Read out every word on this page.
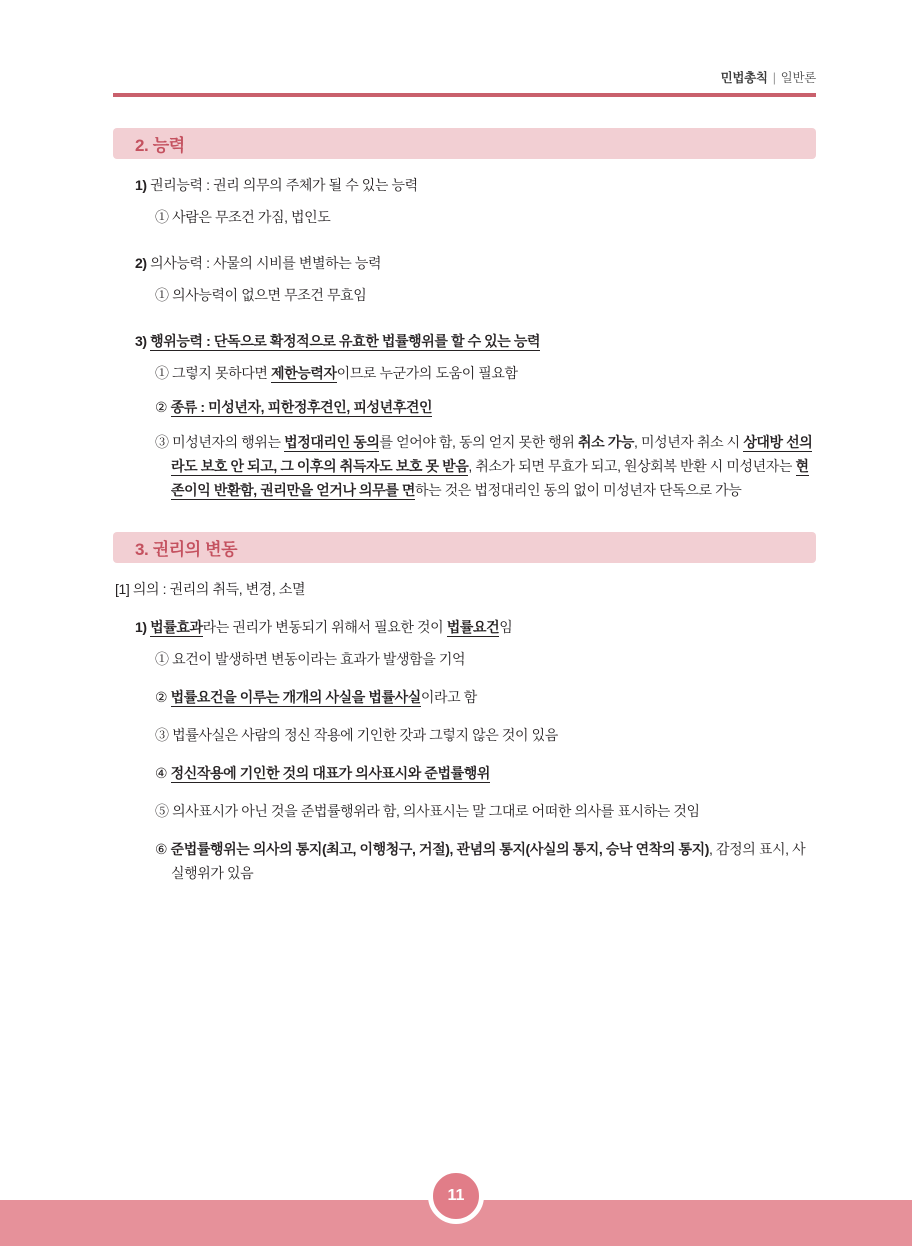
민법총칙 | 일반론
2. 능력
1) 권리능력 : 권리 의무의 주체가 될 수 있는 능력
① 사람은 무조건 가짐, 법인도
2) 의사능력 : 사물의 시비를 변별하는 능력
① 의사능력이 없으면 무조건 무효임
3) 행위능력 : 단독으로 확정적으로 유효한 법률행위를 할 수 있는 능력
① 그렇지 못하다면 제한능력자이므로 누군가의 도움이 필요함
② 종류 : 미성년자, 피한정후견인, 피성년후견인
③ 미성년자의 행위는 법정대리인 동의를 얻어야 함, 동의 얻지 못한 행위 취소 가능, 미성년자 취소 시 상대방 선의라도 보호 안 되고, 그 이후의 취득자도 보호 못 받음, 취소가 되면 무효가 되고, 원상회복 반환 시 미성년자는 현존이익 반환함, 권리만을 얻거나 의무를 면하는 것은 법정대리인 동의 없이 미성년자 단독으로 가능
3. 권리의 변동
[1] 의의 : 권리의 취득, 변경, 소멸
1) 법률효과라는 권리가 변동되기 위해서 필요한 것이 법률요건임
① 요건이 발생하면 변동이라는 효과가 발생함을 기억
② 법률요건을 이루는 개개의 사실을 법률사실이라고 함
③ 법률사실은 사람의 정신 작용에 기인한 갓과 그렇지 않은 것이 있음
④ 정신작용에 기인한 것의 대표가 의사표시와 준법률행위
⑤ 의사표시가 아닌 것을 준법률행위라 함, 의사표시는 말 그대로 어떠한 의사를 표시하는 것임
⑥ 준법률행위는 의사의 통지(최고, 이행청구, 거절), 관념의 통지(사실의 통지, 승낙 연착의 통지), 감정의 표시, 사실행위가 있음
11
